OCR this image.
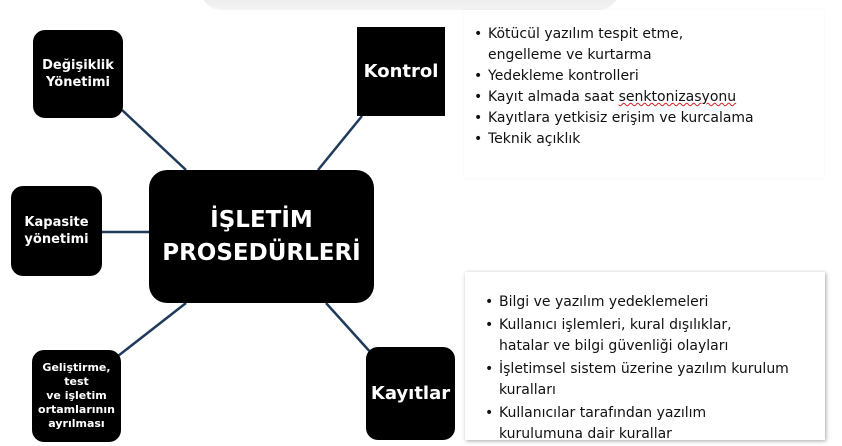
Değişiklik
Yönetimi
Kapasite
yönetimi
Geliştirme, test
ve işletim
ortamlarının
ayrılması
İŞLETİM
PROSEDÜRLERİ
Kontrol
Kayıtlar
• Kötücül yazılım tespit etme,
engelleme ve kurtarma
• Yedekleme kontrolleri
• Kayıt almada saat senktonizasyonu
• Kayıtlara yetkisiz erişim ve kurcalama
• Teknik açıklık
• Bilgi ve yazılım yedeklemeleri
• Kullanıcı işlemleri, kural dışılıklar,
hatalar ve bilgi güvenliği olayları
• İşletimsel sistem üzerine yazılım kurulum
kuralları
• Kullanıcılar tarafından yazılım
kurulumuna dair kurallar
